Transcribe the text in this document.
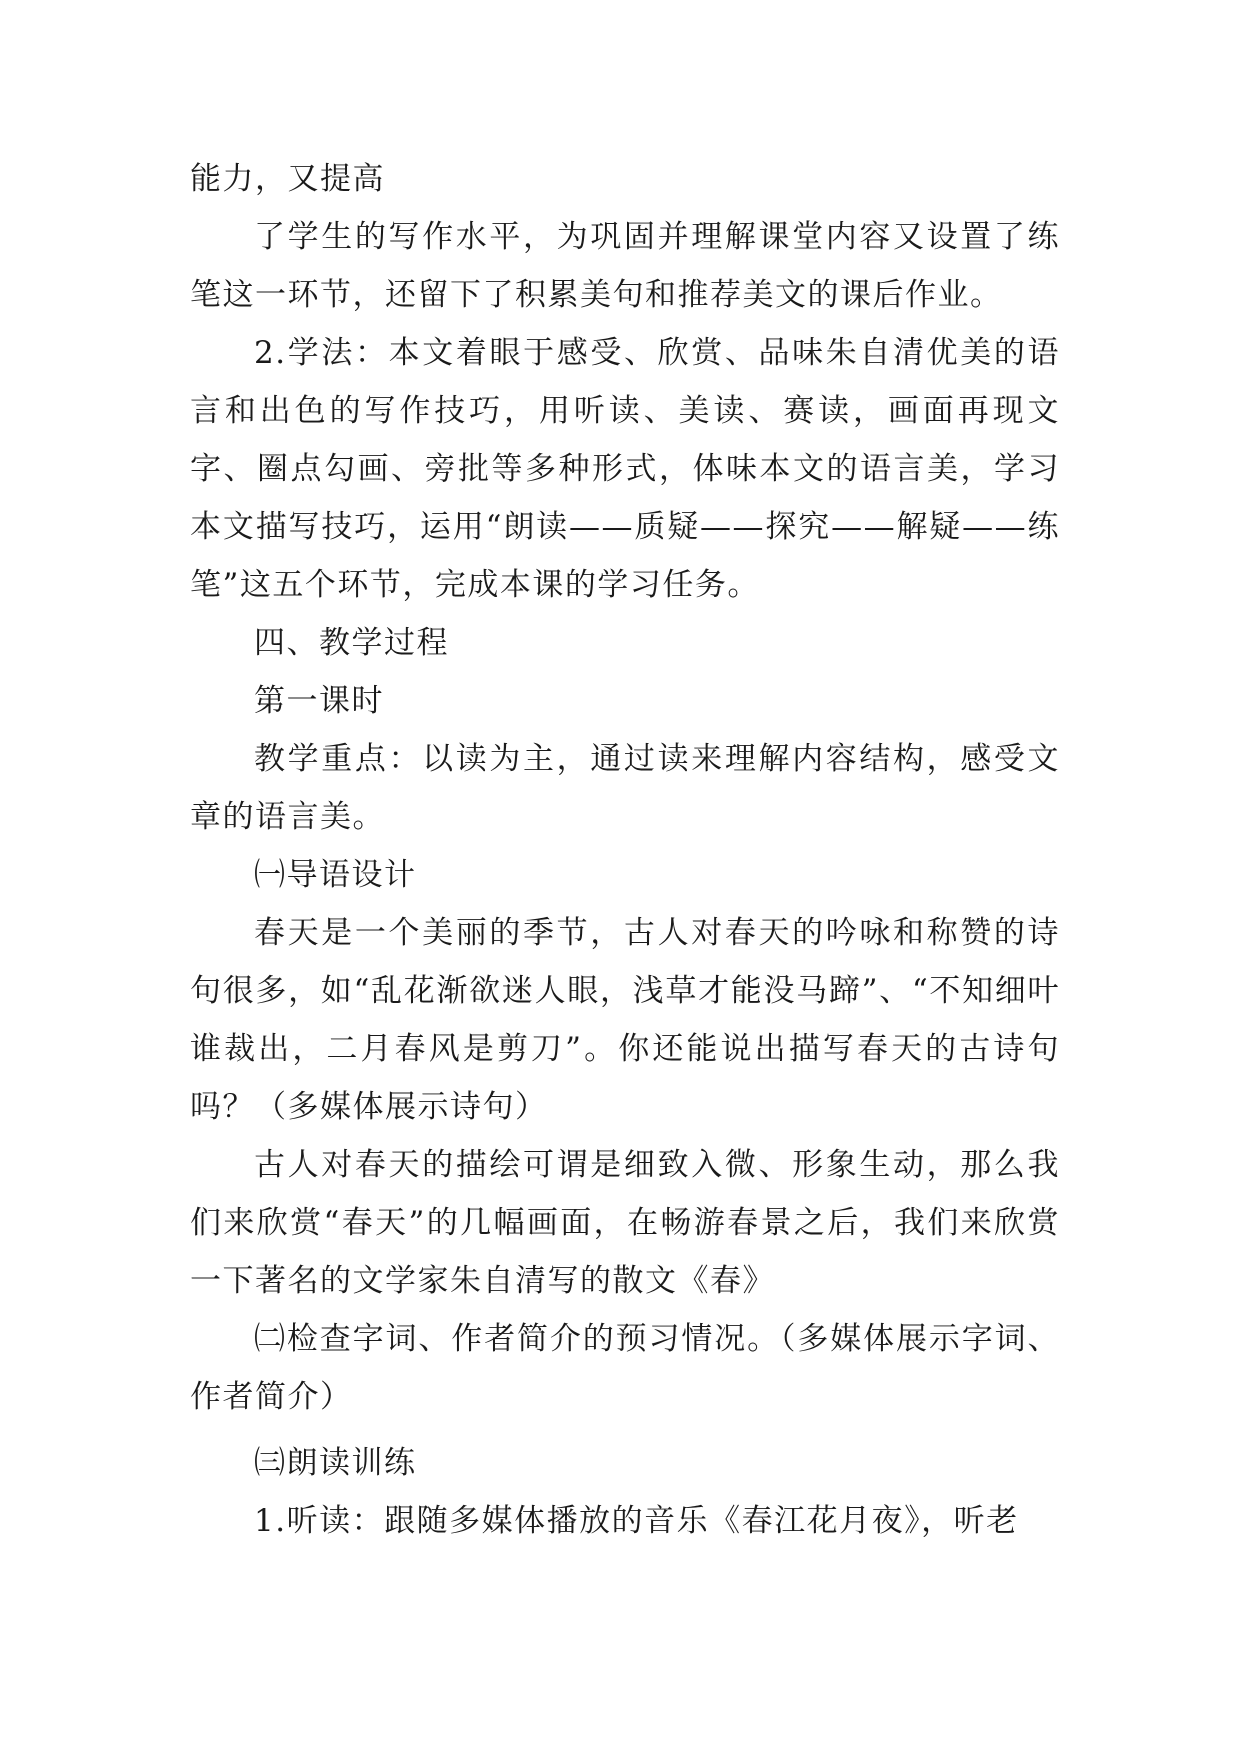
能力，又提高

了学生的写作水平，为巩固并理解课堂内容又设置了练笔这一环节，还留下了积累美句和推荐美文的课后作业。

2.学法：本文着眼于感受、欣赏、品味朱自清优美的语言和出色的写作技巧，用听读、美读、赛读，画面再现文字、圈点勾画、旁批等多种形式，体味本文的语言美，学习本文描写技巧，运用“朗读——质疑——探究——解疑——练笔”这五个环节，完成本课的学习任务。

四、教学过程

第一课时

教学重点：以读为主，通过读来理解内容结构，感受文章的语言美。

㈠导语设计

春天是一个美丽的季节，古人对春天的吟咏和称赞的诗句很多，如“乱花渐欲迷人眼，浅草才能没马蹄”、“不知细叶谁裁出，二月春风是剪刀”。你还能说出描写春天的古诗句吗？（多媒体展示诗句）

古人对春天的描绘可谓是细致入微、形象生动，那么我们来欣赏“春天”的几幅画面，在畅游春景之后，我们来欣赏一下著名的文学家朱自清写的散文《春》

㈡检查字词、作者简介的预习情况。（多媒体展示字词、作者简介）

㈢朗读训练

1.听读：跟随多媒体播放的音乐《春江花月夜》，听老
